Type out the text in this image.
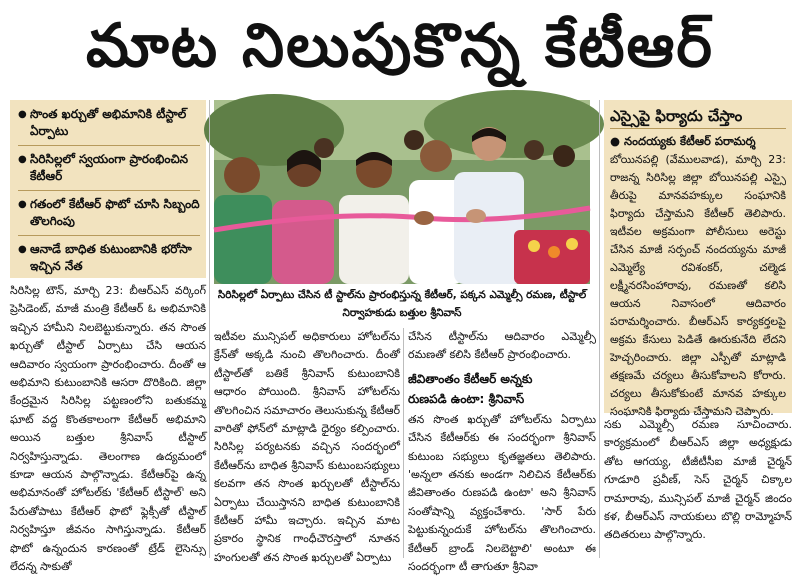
మాట నిలుపుకొన్న కేటీఆర్
● సొంత ఖర్చుతో అభిమానికి టీస్టాల్ ఏర్పాటు
● సిరిసిల్లలో స్వయంగా ప్రారంభించిన కేటీఆర్
● గతంలో కేటీఆర్ ఫొటో చూసి సిబ్బంది తొలగింపు
● ఆనాడే బాధిత కుటుంబానికి భరోసా ఇచ్చిన నేత
సిరిసిల్లలో ఏర్పాటు చేసిన టీ స్టాల్‌ను ప్రారంభిస్తున్న కేటీఆర్, పక్కన ఎమ్మెల్సీ రమణ, టీస్టాల్ నిర్వాహకుడు బత్తుల శ్రీనివాస్
ఎస్సైపై ఫిర్యాదు చేస్తాం
● నందయ్యకు కేటీఆర్ పరామర్శ
బోయినపల్లి (వేములవాడ), మార్చి 23: రాజన్న సిరిసిల్ల జిల్లా బోయినపల్లి ఎస్సై తీరుపై మానవహక్కుల సంఘానికి ఫిర్యాదు చేస్తామని కేటీఆర్ తెలిపారు. ఇటీవల అక్రమంగా పోలీసులు అరెస్టు చేసిన మాజీ సర్పంచ్ నందయ్యను మాజీ ఎమ్మెల్యే రవిశంకర్, చల్మెడ లక్ష్మీనరసింహారావు, రమణతో కలిసి ఆయన నివాసంలో ఆదివారం పరామర్శించారు. బీఆర్ఎస్ కార్యకర్తలపై అక్రమ కేసులు పెడితే ఊరుకునేది లేదని హెచ్చరించారు. జిల్లా ఎస్పీతో మాట్లాడి తక్షణమే చర్యలు తీసుకోవాలని కోరారు. చర్యలు తీసుకోకుంటే మానవ హక్కుల సంఘానికి ఫిర్యాదు చేస్తామని చెప్పారు.

సిరిసిల్ల టౌన్, మార్చి 23: బీఆర్ఎస్ వర్కింగ్ ప్రెసిడెంట్, మాజీ మంత్రి కేటీఆర్ ఓ అభిమానికి ఇచ్చిన హామీని నిలబెట్టుకున్నారు. తన సొంత ఖర్చుతో టీస్టాల్ ఏర్పాటు చేసి ఆయన ఆదివారం స్వయంగా ప్రారంభించారు. దీంతో ఆ అభిమాని కుటుంబానికి ఆసరా దొరికింది. జిల్లా కేంద్రమైన సిరిసిల్ల పట్టణంలోని బతుకమ్మ ఘాట్ వద్ద కొంతకాలంగా కేటీఆర్ అభిమాని అయిన బత్తుల శ్రీనివాస్ టీస్టాల్ నిర్వహిస్తున్నాడు. తెలంగాణ ఉద్యమంలో కూడా ఆయన పాల్గొన్నాడు. కేటీఆర్‌పై ఉన్న అభిమానంతో హోటల్‌కు 'కేటీఆర్ టీస్టాల్' అని పేరుతోపాటు కేటీఆర్ ఫొటో ఫ్లెక్సీతో టీస్టాల్ నిర్వహిస్తూ జీవనం సాగిస్తున్నాడు. కేటీఆర్ ఫొటో ఉన్నందున కారణంతో ట్రేడ్ లైసెన్సు లేదన్న సాకుతో

ఇటీవల మున్సిపల్ అధికారులు హోటల్‌ను క్రేన్‌తో అక్కడి నుంచి తొలగించారు. దీంతో టీస్టాల్‌తో బతికే శ్రీనివాస్ కుటుంబానికి ఆధారం పోయింది. శ్రీనివాస్ హోటల్‌ను తొలగించిన సమాచారం తెలుసుకున్న కేటీఆర్ వారితో ఫోన్‌లో మాట్లాడి ధైర్యం కల్పించారు. సిరిసిల్ల పర్యటనకు వచ్చిన సందర్భంలో కేటీఆర్‌ను బాధిత శ్రీనివాస్ కుటుంబసభ్యులు కలవగా తన సొంత ఖర్చులతో టీస్టాల్‌ను ఏర్పాటు చేయిస్తానని బాధిత కుటుంబానికి కేటీఆర్ హామీ ఇచ్చారు. ఇచ్చిన మాట ప్రకారం స్థానిక గాంధీచౌరస్తాలో నూతన హంగులతో తన సొంత ఖర్చులతో ఏర్పాటు

చేసిన టీస్టాల్‌ను ఆదివారం ఎమ్మెల్సీ రమణతో కలిసి కేటీఆర్ ప్రారంభించారు.

జీవితాంతం కేటీఆర్ అన్నకు
రుణపడి ఉంటా: శ్రీనివాస్

తన సొంత ఖర్చుతో హోటల్‌ను ఏర్పాటు చేసిన కేటీఆర్‌కు ఈ సందర్భంగా శ్రీనివాస్ కుటుంబ సభ్యులు కృతజ్ఞతలు తెలిపారు. 'అన్నలా తనకు అండగా నిలిచిన కేటీఆర్‌కు జీవితాంతం రుణపడి ఉంటా' అని శ్రీనివాస్ సంతోషాన్ని వ్యక్తంచేశారు. 'సార్ పేరు పెట్టుకున్నందుకే హోటల్‌ను తొలగించారు. కేటీఆర్ బ్రాండ్ నిలబెట్టాలి' అంటూ ఈ సందర్భంగా టీ తాగుతూ శ్రీనివా

సకు ఎమ్మెల్సీ రమణ సూచించారు. కార్యక్రమంలో బీఆర్ఎస్ జిల్లా అధ్యక్షుడు తోట ఆగయ్య, టీజీటీసీఐ మాజీ చైర్మన్ గూడూరి ప్రవీణ్, సెస్ చైర్మన్ చిక్కాల రామారావు, మున్సిపల్ మాజీ చైర్మన్ జిందం కళ, బీఆర్ఎస్ నాయకులు బొల్లి రామ్మోహన్ తదితరులు పాల్గొన్నారు.
